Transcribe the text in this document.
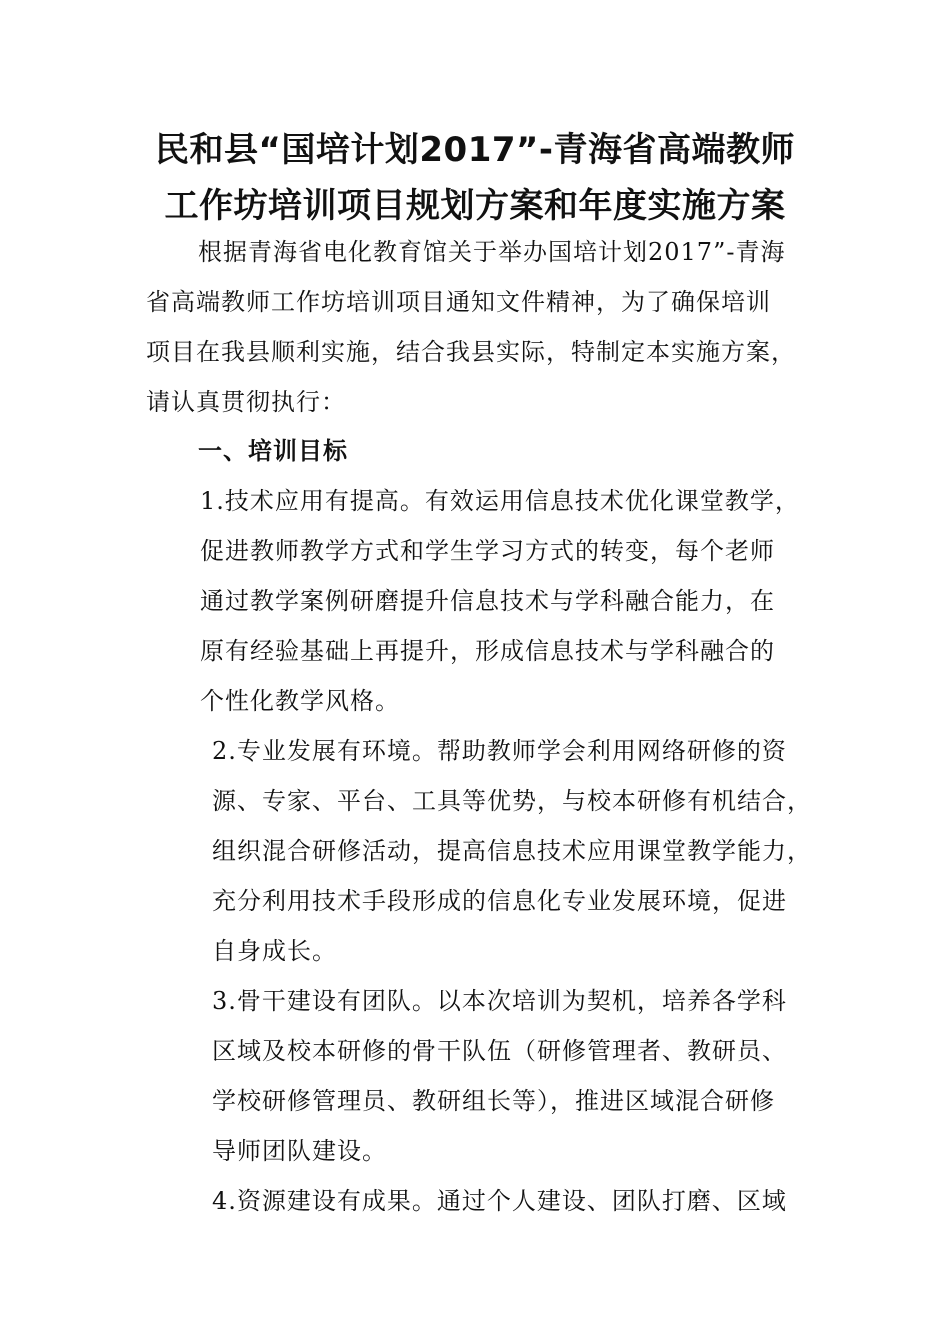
民和县“国培计划2017”-青海省高端教师
工作坊培训项目规划方案和年度实施方案
根据青海省电化教育馆关于举办国培计划2017”-青海
省高端教师工作坊培训项目通知文件精神，为了确保培训
项目在我县顺利实施，结合我县实际，特制定本实施方案，
请认真贯彻执行：
一、培训目标
1.技术应用有提高。有效运用信息技术优化课堂教学，
促进教师教学方式和学生学习方式的转变，每个老师
通过教学案例研磨提升信息技术与学科融合能力，在
原有经验基础上再提升，形成信息技术与学科融合的
个性化教学风格。
2.专业发展有环境。帮助教师学会利用网络研修的资
源、专家、平台、工具等优势，与校本研修有机结合，
组织混合研修活动，提高信息技术应用课堂教学能力，
充分利用技术手段形成的信息化专业发展环境，促进
自身成长。
3.骨干建设有团队。以本次培训为契机，培养各学科
区域及校本研修的骨干队伍（研修管理者、教研员、
学校研修管理员、教研组长等），推进区域混合研修
导师团队建设。
4.资源建设有成果。通过个人建设、团队打磨、区域
